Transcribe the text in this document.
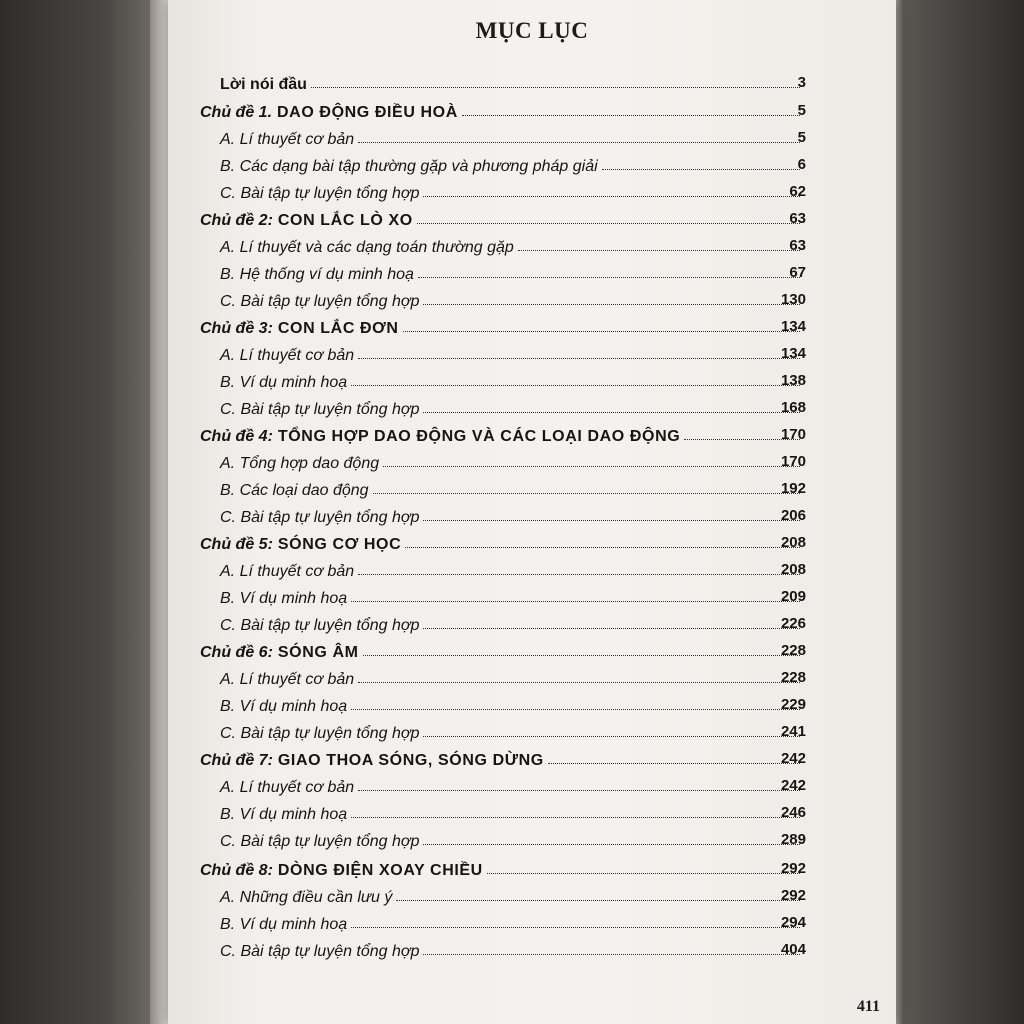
MỤC LỤC
Lời nói đầu	3
Chủ đề 1. DAO ĐỘNG ĐIỀU HOÀ	5
A. Lí thuyết cơ bản	5
B. Các dạng bài tập thường gặp và phương pháp giải	6
C. Bài tập tự luyện tổng hợp	62
Chủ đề 2: CON LẮC LÒ XO	63
A. Lí thuyết và các dạng toán thường gặp	63
B. Hệ thống ví dụ minh hoạ	67
C. Bài tập tự luyện tổng hợp	130
Chủ đề 3: CON LẮC ĐƠN	134
A. Lí thuyết cơ bản	134
B. Ví dụ minh hoạ	138
C. Bài tập tự luyện tổng hợp	168
Chủ đề 4: TỔNG HỢP DAO ĐỘNG VÀ CÁC LOẠI DAO ĐỘNG	170
A. Tổng hợp dao động	170
B. Các loại dao động	192
C. Bài tập tự luyện tổng hợp	206
Chủ đề 5: SÓNG CƠ HỌC	208
A. Lí thuyết cơ bản	208
B. Ví dụ minh hoạ	209
C. Bài tập tự luyện tổng hợp	226
Chủ đề 6: SÓNG ÂM	228
A. Lí thuyết cơ bản	228
B. Ví dụ minh hoạ	229
C. Bài tập tự luyện tổng hợp	241
Chủ đề 7: GIAO THOA SÓNG, SÓNG DỪNG	242
A. Lí thuyết cơ bản	242
B. Ví dụ minh hoạ	246
C. Bài tập tự luyện tổng hợp	289
Chủ đề 8: DÒNG ĐIỆN XOAY CHIỀU	292
A. Những điều cần lưu ý	292
B. Ví dụ minh hoạ	294
C. Bài tập tự luyện tổng hợp	404
411
